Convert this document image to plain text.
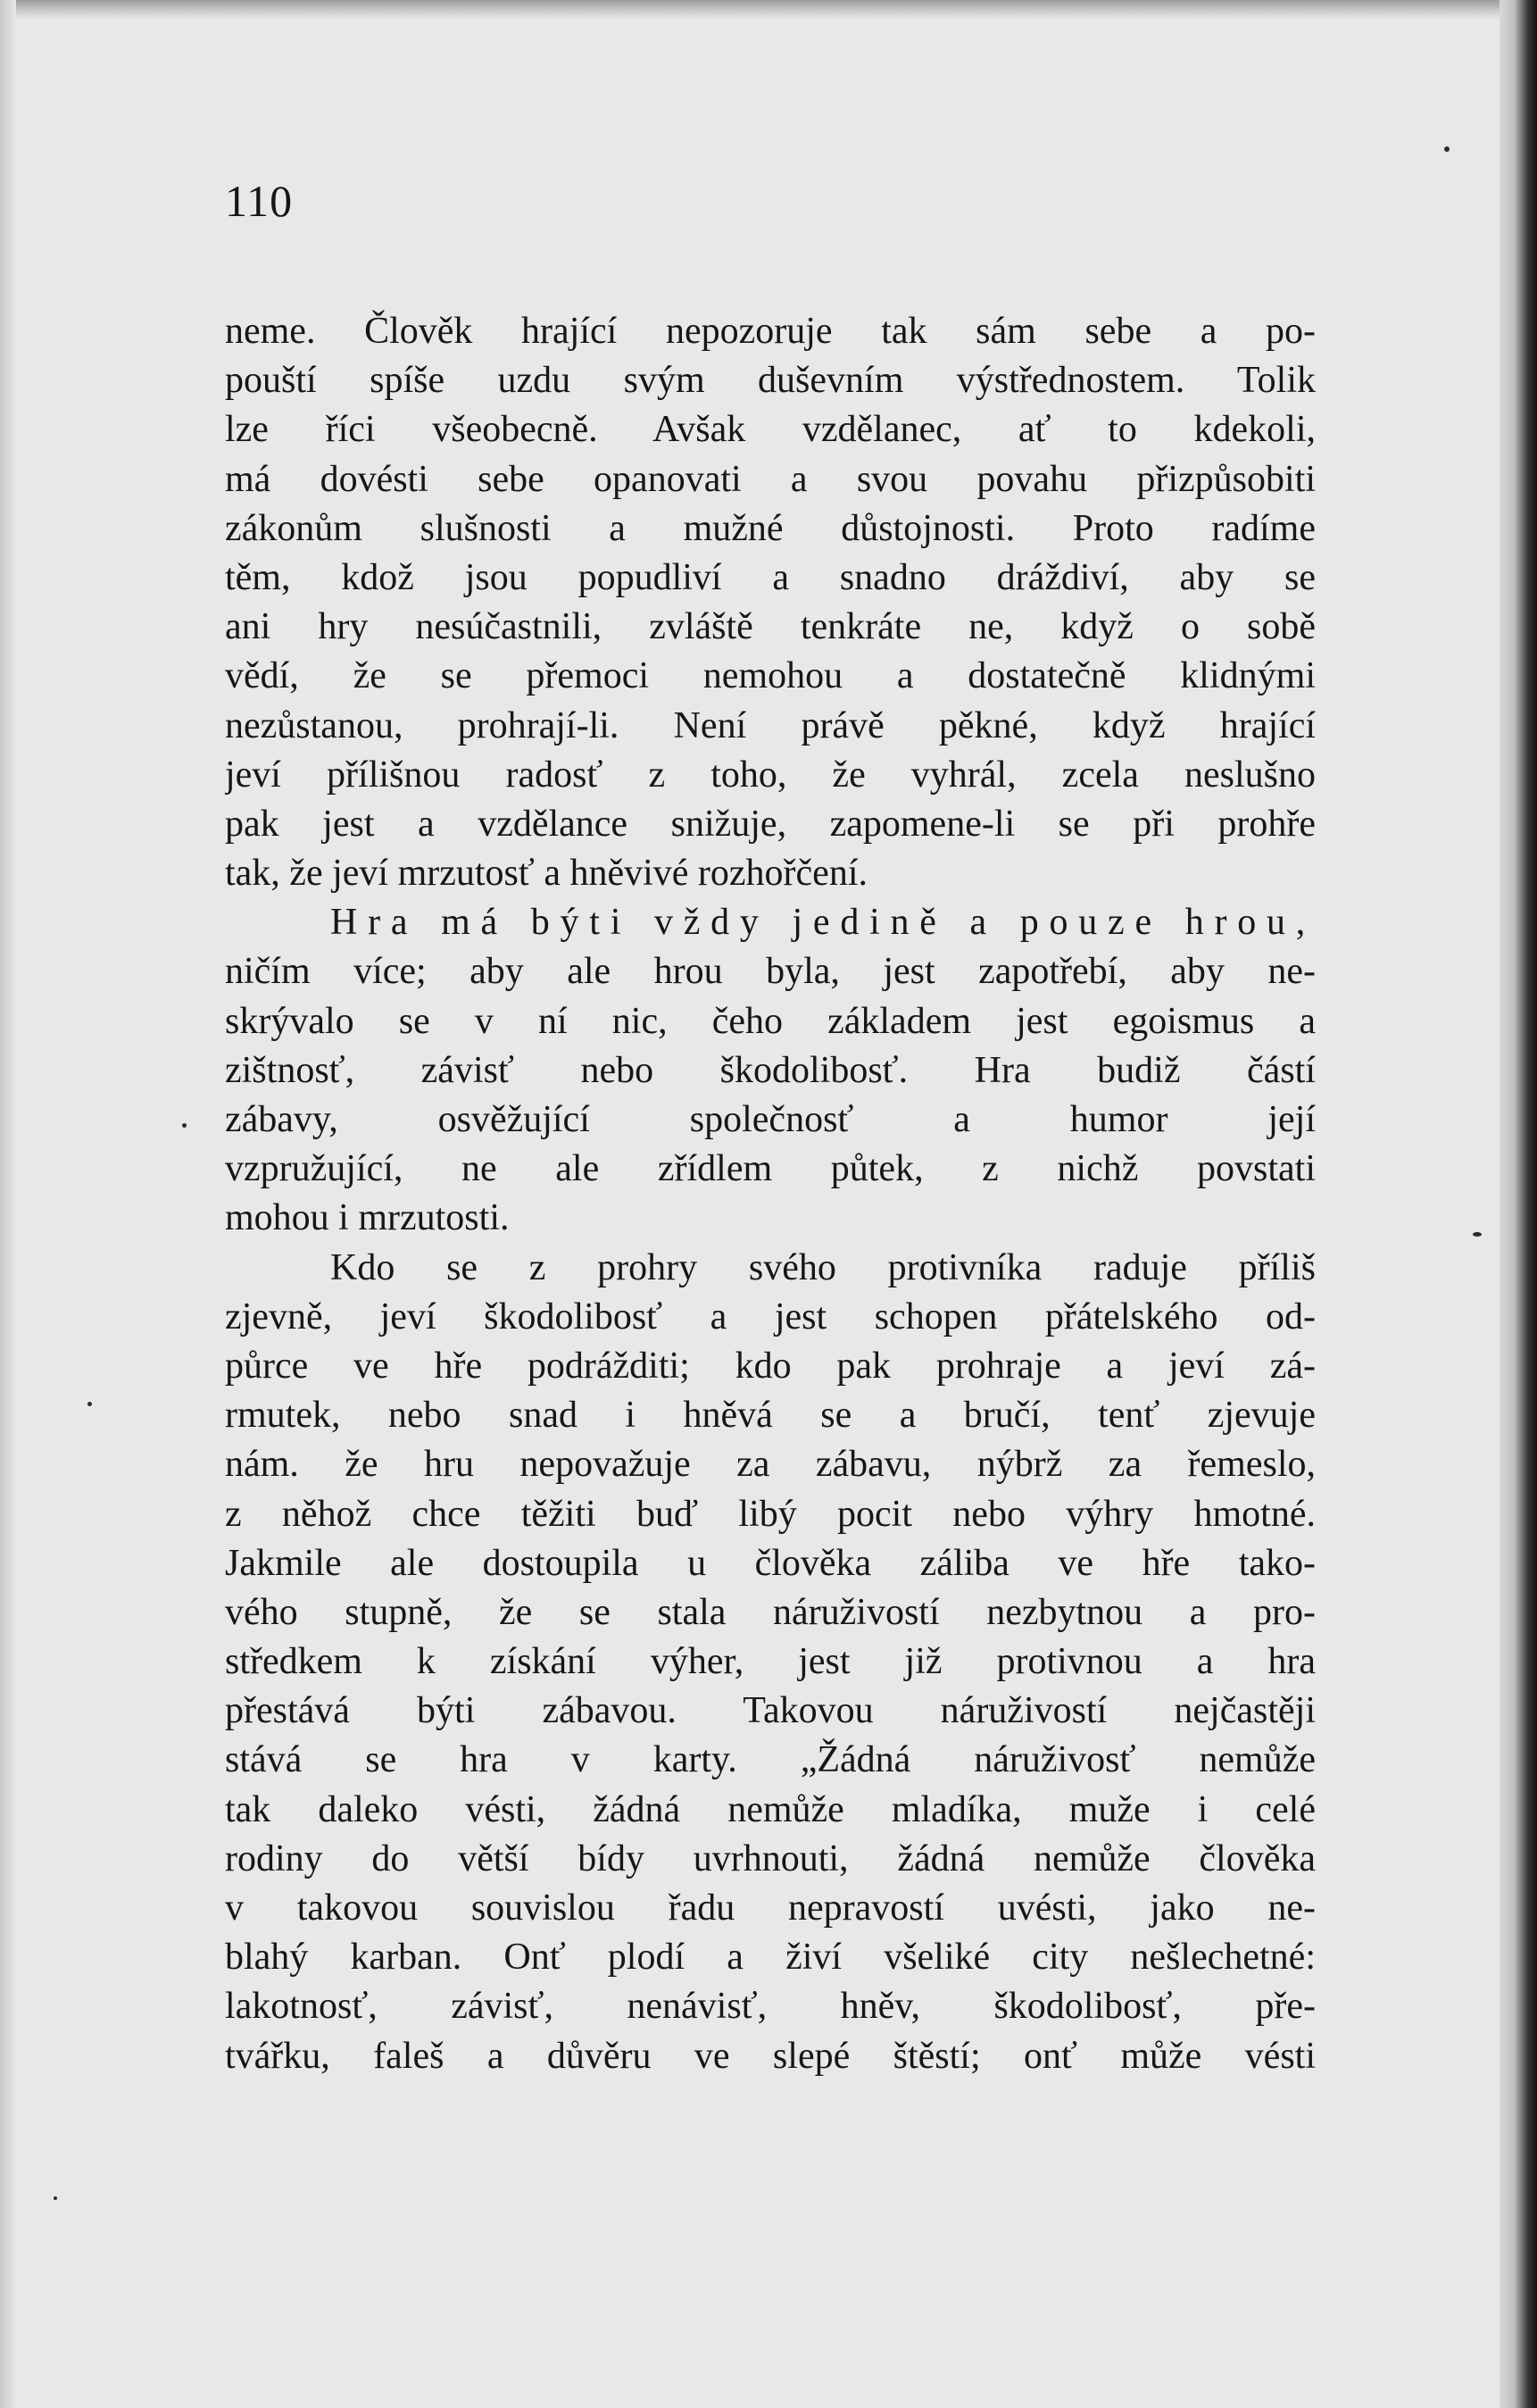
110
neme. Člověk hrající nepozoruje tak sám sebe a po-
pouští spíše uzdu svým duševním výstřednostem. Tolik
lze říci všeobecně. Avšak vzdělanec, ať to kdekoli,
má dovésti sebe opanovati a svou povahu přizpůsobiti
zákonům slušnosti a mužné důstojnosti. Proto radíme
těm, kdož jsou popudliví a snadno dráždiví, aby se
ani hry nesúčastnili, zvláště tenkráte ne, když o sobě
vědí, že se přemoci nemohou a dostatečně klidnými
nezůstanou, prohrají-li. Není právě pěkné, když hrající
jeví přílišnou radosť z toho, že vyhrál, zcela neslušno
pak jest a vzdělance snižuje, zapomene-li se při prohře
tak, že jeví mrzutosť a hněvivé rozhořčení.
Hra má býti vždy jedině a pouze hrou,
ničím více; aby ale hrou byla, jest zapotřebí, aby ne-
skrývalo se v ní nic, čeho základem jest egoismus a
zištnosť, závisť nebo škodolibosť. Hra budiž částí
zábavy, osvěžující společnosť a humor její
vzpružující, ne ale zřídlem půtek, z nichž povstati
mohou i mrzutosti.
Kdo se z prohry svého protivníka raduje příliš
zjevně, jeví škodolibosť a jest schopen přátelského od-
půrce ve hře podrážditi; kdo pak prohraje a jeví zá-
rmutek, nebo snad i hněvá se a bručí, tenť zjevuje
nám. že hru nepovažuje za zábavu, nýbrž za řemeslo,
z něhož chce těžiti buď libý pocit nebo výhry hmotné.
Jakmile ale dostoupila u člověka záliba ve hře tako-
vého stupně, že se stala náruživostí nezbytnou a pro-
středkem k získání výher, jest již protivnou a hra
přestává býti zábavou. Takovou náruživostí nejčastěji
stává se hra v karty. „Žádná náruživosť nemůže
tak daleko vésti, žádná nemůže mladíka, muže i celé
rodiny do větší bídy uvrhnouti, žádná nemůže člověka
v takovou souvislou řadu nepravostí uvésti, jako ne-
blahý karban. Onť plodí a živí všeliké city nešlechetné:
lakotnosť, závisť, nenávisť, hněv, škodolibosť, pře-
tvářku, faleš a důvěru ve slepé štěstí; onť může vésti
